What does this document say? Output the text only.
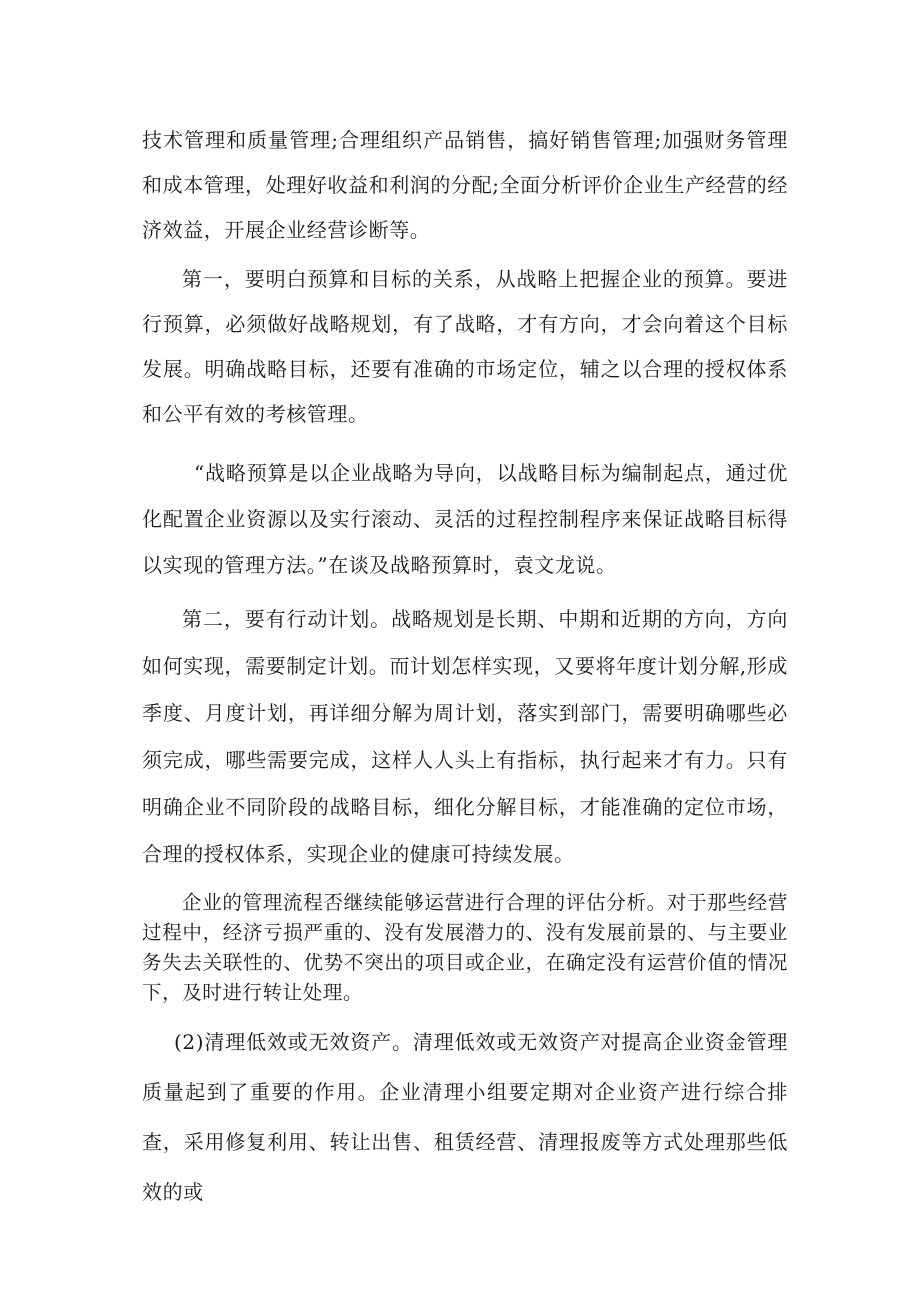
技术管理和质量管理;合理组织产品销售，搞好销售管理;加强财务管理和成本管理，处理好收益和利润的分配;全面分析评价企业生产经营的经济效益，开展企业经营诊断等。

第一，要明白预算和目标的关系，从战略上把握企业的预算。要进行预算，必须做好战略规划，有了战略，才有方向，才会向着这个目标发展。明确战略目标，还要有准确的市场定位，辅之以合理的授权体系和公平有效的考核管理。

“战略预算是以企业战略为导向，以战略目标为编制起点，通过优化配置企业资源以及实行滚动、灵活的过程控制程序来保证战略目标得以实现的管理方法。”在谈及战略预算时，袁文龙说。

第二，要有行动计划。战略规划是长期、中期和近期的方向，方向如何实现，需要制定计划。而计划怎样实现，又要将年度计划分解,形成季度、月度计划，再详细分解为周计划，落实到部门，需要明确哪些必须完成，哪些需要完成，这样人人头上有指标，执行起来才有力。只有明确企业不同阶段的战略目标，细化分解目标，才能准确的定位市场，合理的授权体系，实现企业的健康可持续发展。

企业的管理流程否继续能够运营进行合理的评估分析。对于那些经营过程中，经济亏损严重的、没有发展潜力的、没有发展前景的、与主要业务失去关联性的、优势不突出的项目或企业，在确定没有运营价值的情况下，及时进行转让处理。

(2)清理低效或无效资产。清理低效或无效资产对提高企业资金管理质量起到了重要的作用。企业清理小组要定期对企业资产进行综合排查，采用修复利用、转让出售、租赁经营、清理报废等方式处理那些低效的或
